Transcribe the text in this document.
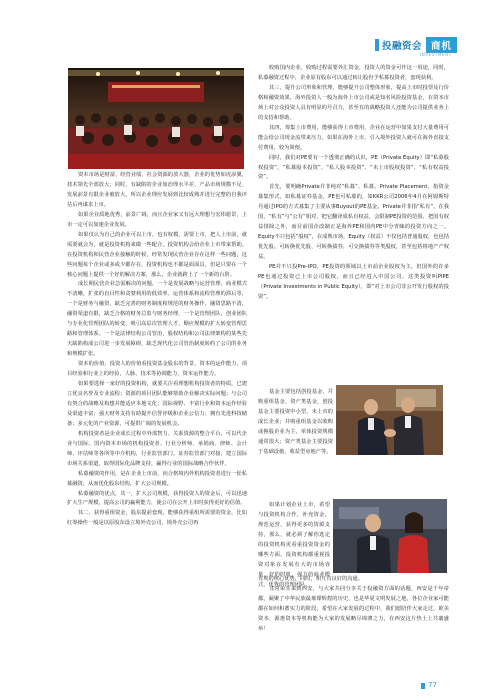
投融资会 商机
INVESTMENT

资本市场是财富、经营业绩、社会资源的放大器，企业的优势如虎添翼，技术领先全部放大；同时，有缺陷的企业如治理水平差、产品市场规模不足、发展前景有限企业被放大，所以企业理应发展到比较成熟并进行完整的自我评估后再谋求上市。

如果企业质地优秀，前景广阔，而且企业家又有远大理想与宏伟愿景，上市一定可以加速企业发展。

如果仅认为自己的企业可以上市，也有权模，需要上市，把人上市前，就需要就会为，就是投资机构来做一些配合，投资机构会给企业上市带来帮助。在投资机构和民营企业接触的时候，经常发现民营企业存在这样一些问题，这些问题每个企业或多或少都存在，投资机构也不都是面面具，但是只要在一个核心问题上提供一个好的解决方案，那么，企业就跨上了一个新的台阶。

成长期民营企业急需解决的问题，一个是发展战略与运营管理、商业模式不清晰，扩张的盲目性和贪婪利用的低效率、运营体系和流程管理的滞后等，一个是财务与融资，缺乏完善的财务制度和规范的财务操作，融资思路不清，融资渠道有限，缺乏合格的财务总监与财务经理，一个是管理团队，创业团队与专业化管理团队的转变，吸引高层次管理人才，顺应规模的扩大转变管理思路和管理体系。一个是法律结构公司管治，股权结构和公司法律架构的某些先天缺陷构成公司进一步发展障碍，缺乏现代化公司管治制度转约了公司的业务和规模扩张。

资本的价值，投资人的价值看投资基金股东的背景，资本的运作能力，项目经验和行业上的经验，人脉、技术等协调能力，资本运作能力。

如果要选择一家好的投资机构，就要关注看理想机构投资者的特质，已建立优良名誉及专业流程；资源的项目团队能够帮助企业解决实际问题；与公司有契合的战略及构想并能适应本地文化；国际视野、丰富行业和资本运作经验及渠道丰富；强大财务支持有助提升信誉评级和企业公信力；拥有先进科技储备；多元化的产业资源，可提供广阔的发展机会。

机构投资者是企业成长过程中外部智力、关系资源的整合平台，可以代企业与国际、国内资本市场的机构投资者、行业分析师、承销商、律师、会计师、评估师等各所等中介机构，行业监管部门、证券监管部门对接，建立国际市场关系渠道，取得国际化品牌支持，赢得行业的国际战略合作伙伴。

私募融资的作用，是在企业上市前，向合格境内外机构投资者进行一轮私募融资，从而优化股东结构，扩大公司规模。

私募融资的优点，其一，扩大公司规模，获得投资人的资金后，可以迅速扩大生产规模，提高公司的赢利能力，使公司在公开上市时获得更好的估值。

其二，获得重组资金，股东提前套现，能够获得重组所需要的资金，比如红筹操作一般是以原股东设立境外壳公司，境外壳公司再

收购国内企业，收购过程需要外汇资金，投资人的资金可作这一用途，同时，私募融资过程中，企业原有股东可以通过转让股份予私募投资者，套现获利。

其三，提升公司形象和管理，能够提升公司整体形象，提高上市时投票及行价格和融资效果，海外投资人一般为海外上市公司或是知名风险投资基金，在资本市场上对公众投资人具有明显的号召力，甚至有的战略投资人还能为公司提供业务上的支持和帮助。

其四，筹集上市费用，能够获得上市费用，企业在运营中如果支付大量费用可能会给公司现金流带来压力，如果在海外上市，引入境外投资人就可在海外直接支付费用，较为简便。

同时，我们对PE要有一个透彻正确的认识，PE（Private Equity）即“私募股权投资”，“私募股本投资”、“私人股本投资”、“未上市股权投资”、“私有权益投资”。

首先，要明确Private并非纯对“私募”、私募，Private Placement，指资金募集形式，如私募证券基金，PE也可私募的，如KKR公司2006年4月在阿姆斯特丹通过IPO的方式募集了主要从事Buyout的PE基金。Private并非指“私有”，在我国，“私有”与“公有”相对，把它翻译成私有权益，会限制PE投资的范围，把国有权益排除之外，而目前国企改制正是海外PE和国内PE中分青睐的投资方向之一。Equity不只包括“股权”，在成熟市场，Equity（权益）不仅包括普通股权，也包括优先股、可转换优先股、可转换债券，可交换债券等类股权，甚至包括将地产产权益。

PE并不只投Pre-IPO，PE投资的领域以上市前企业股权为主，但国外的许多PE也通过投资已上市公司股权，而且已经进入中国公司，这类投资叫PIPE（Private Investments in Public Equity），即“对上市公司非公开发行股权的投资”。

基金主要包括创投基金、并购重组基金、资产类基金，创投基金主要投资中小型、未上市的成长企业；并购重组基金以收购或换股企业为主，单体投资规模通常很大；资产类基金主要投资于基础设施、收益型房地产等。

如果计划企业上市，希望与投资机构合作，补充资金，规范运营，获得更多的资源支持，那么，就必须了解你选定的投资机构更看重投资资金的哪些方面。投资机构都重视投资对象在发展有大的市场容量，好的时机，强力的商业模式，优秀的管理团队，

直观的核心优势，同时，相互有良好的沟通。

非常荣幸来到西安，与大家共同分享关于投融资方面的话题，西安是千年帝都，凝聚了中华民族最璀璨辉煌的历史，也是华夏文明发展之地，各位企业家可能都在如何积蓄实力的阶段，希望在大家发展的过程中，我们愿陪伴大家走过，欧美资本、源惠资本等机构能为大家的发展略尽绵薄之力，在西安这片热土上共襄盛举！

77
